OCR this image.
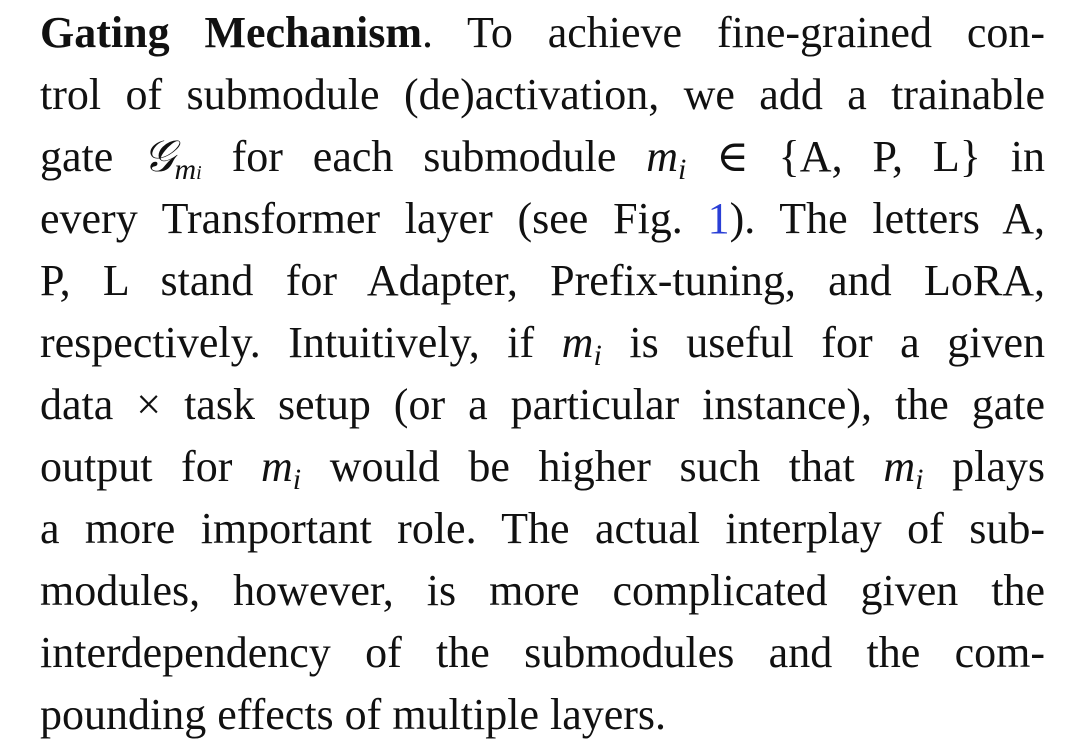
Gating Mechanism. To achieve fine-grained con-
trol of submodule (de)activation, we add a trainable
gate 𝒢$_{mi}$ for each submodule $m_i$ ∈ {A, P, L} in
every Transformer layer (see Fig. 1). The letters A,
P, L stand for Adapter, Prefix-tuning, and LoRA,
respectively. Intuitively, if $m_i$ is useful for a given
data × task setup (or a particular instance), the gate
output for $m_i$ would be higher such that $m_i$ plays
a more important role. The actual interplay of sub-
modules, however, is more complicated given the
interdependency of the submodules and the com-
pounding effects of multiple layers.
